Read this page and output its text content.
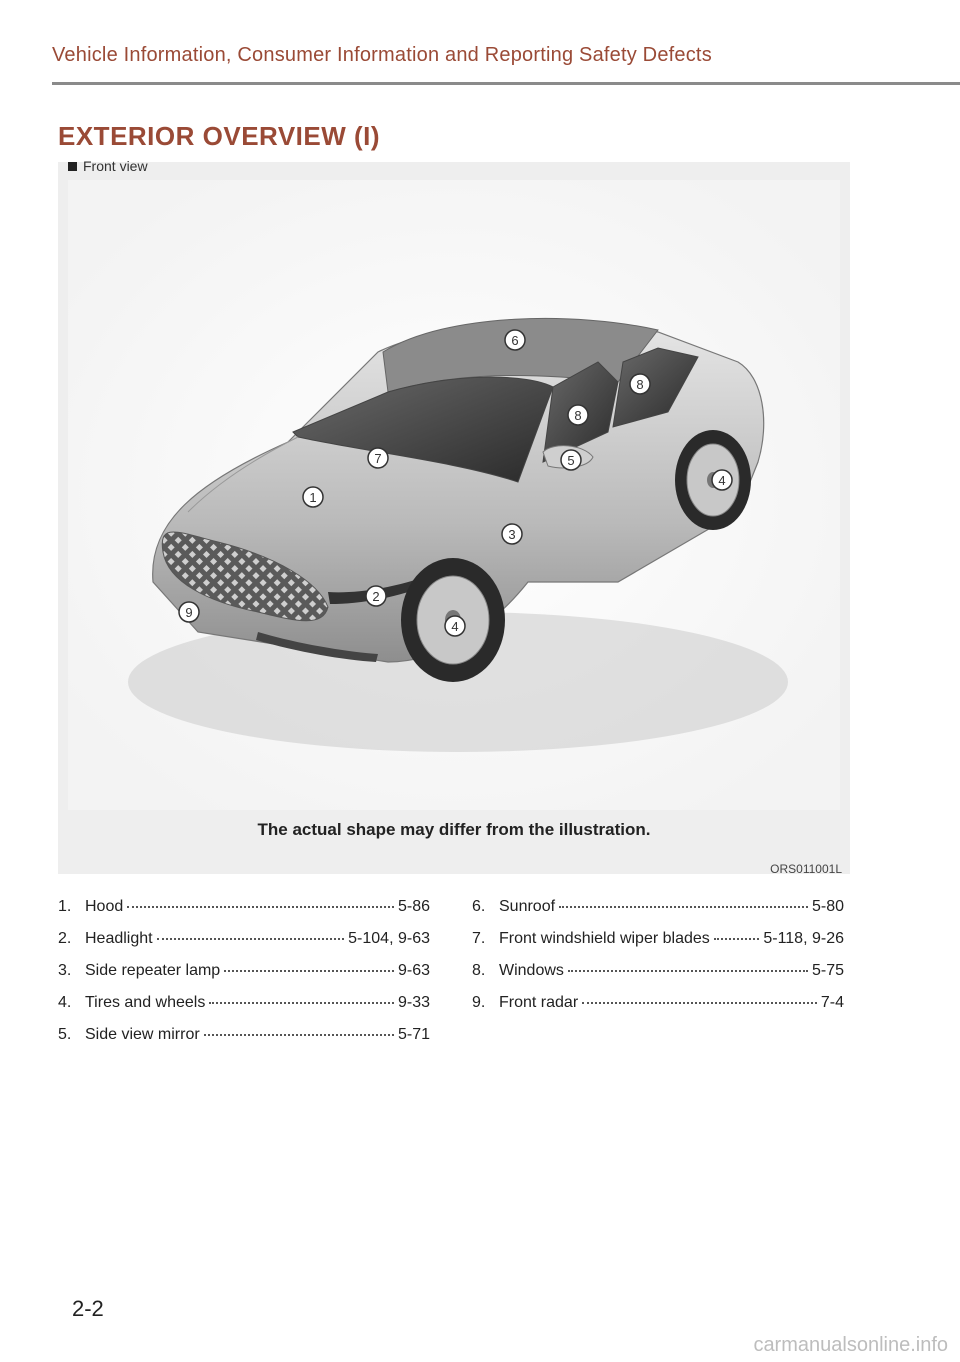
Vehicle Information, Consumer Information and Reporting Safety Defects
EXTERIOR OVERVIEW (I)
1
2
3
4
4
5
6
7
8
8
9
The actual shape may differ from the illustration.
ORS011001L
Front view
1. Hood	5-86
2. Headlight	5-104, 9-63
3. Side repeater lamp	9-63
4. Tires and wheels	9-33
5. Side view mirror	5-71
6. Sunroof	5-80
7. Front windshield wiper blades	5-118, 9-26
8. Windows	5-75
9. Front radar	7-4
2-2
carmanualsonline.info
